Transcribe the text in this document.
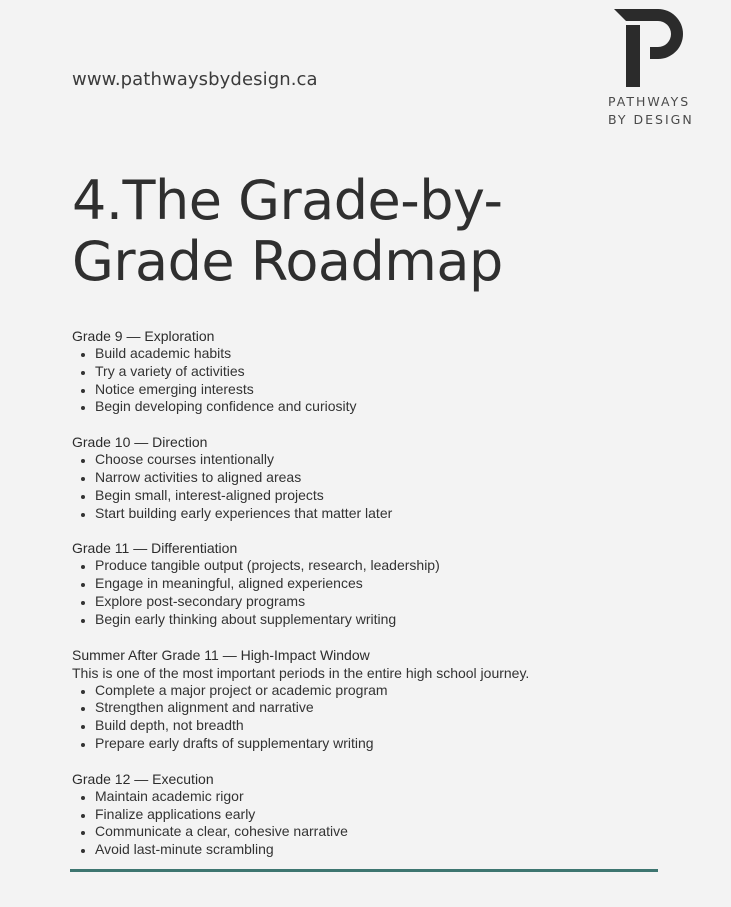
www.pathwaysbydesign.ca
PATHWAYS
BY DESIGN
4.The Grade-by-
Grade Roadmap
Grade 9 — Exploration
Build academic habits
Try a variety of activities
Notice emerging interests
Begin developing confidence and curiosity
Grade 10 — Direction
Choose courses intentionally
Narrow activities to aligned areas
Begin small, interest-aligned projects
Start building early experiences that matter later
Grade 11 — Differentiation
Produce tangible output (projects, research, leadership)
Engage in meaningful, aligned experiences
Explore post-secondary programs
Begin early thinking about supplementary writing
Summer After Grade 11 — High-Impact Window

This is one of the most important periods in the entire high school journey.

Complete a major project or academic program
Strengthen alignment and narrative
Build depth, not breadth
Prepare early drafts of supplementary writing
Grade 12 — Execution
Maintain academic rigor
Finalize applications early
Communicate a clear, cohesive narrative
Avoid last-minute scrambling
